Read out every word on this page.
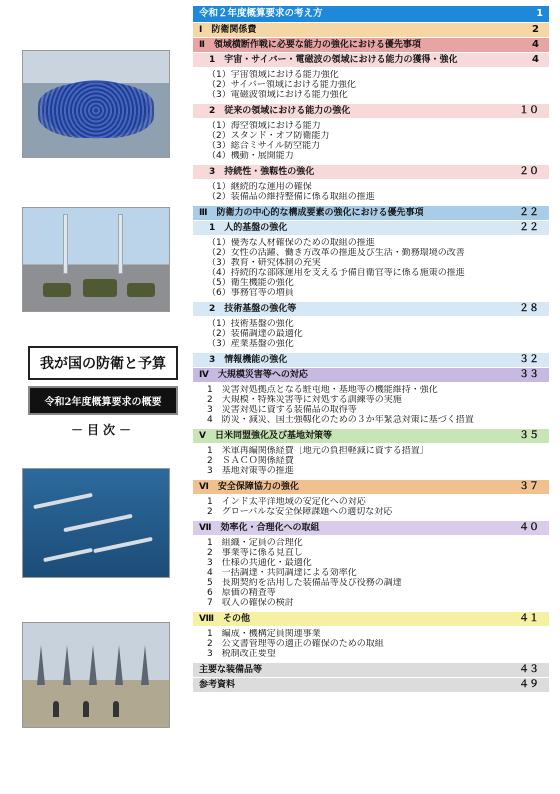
我が国の防衛と予算
令和2年度概算要求の概要
－目次－
令和２年度概算要求の考え方	1
Ⅰ　防衛関係費	2
Ⅱ　領域横断作戦に必要な能力の強化における優先事項	4
1　宇宙・サイバー・電磁波の領域における能力の獲得・強化	4
（1）宇宙領域における能力強化
（2）サイバー領域における能力強化
（3）電磁波領域における能力強化
2　従来の領域における能力の強化	１０
（1）海空領域における能力
（2）スタンド・オフ防衛能力
（3）総合ミサイル防空能力
（4）機動・展開能力
3　持続性・強靱性の強化	２０
（1）継続的な運用の確保
（2）装備品の維持整備に係る取組の推進
Ⅲ　防衛力の中心的な構成要素の強化における優先事項	２２
1　人的基盤の強化	２２
（1）優秀な人材確保のための取組の推進
（2）女性の活躍、働き方改革の推進及び生活・勤務環境の改善
（3）教育・研究体制の充実
（4）持続的な部隊運用を支える予備自衛官等に係る施策の推進
（5）衛生機能の強化
（6）事務官等の増員
2　技術基盤の強化等	２８
（1）技術基盤の強化
（2）装備調達の最適化
（3）産業基盤の強化
3　情報機能の強化	３２
Ⅳ　大規模災害等への対応	３３
1　災害対処拠点となる駐屯地・基地等の機能維持・強化
2　大規模・特殊災害等に対処する訓練等の実施
3　災害対処に資する装備品の取得等
4　防災・減災、国土強靱化のための３か年緊急対策に基づく措置
Ⅴ　日米同盟強化及び基地対策等	３５
1　米軍再編関係経費［地元の負担軽減に資する措置］
2　ＳＡＣＯ関係経費
3　基地対策等の推進
Ⅵ　安全保障協力の強化	３７
1　インド太平洋地域の安定化への対応
2　グローバルな安全保障課題への適切な対応
Ⅶ　効率化・合理化への取組	４０
1　組織・定員の合理化
2　事業等に係る見直し
3　仕様の共通化・最適化
4　一括調達・共同調達による効率化
5　長期契約を活用した装備品等及び役務の調達
6　原価の精査等
7　収入の確保の検討
Ⅷ　その他	４１
1　編成・機構定員関連事業
2　公文書管理等の適正の確保のための取組
3　税制改正要望
主要な装備品等	４３
参考資料	４９
